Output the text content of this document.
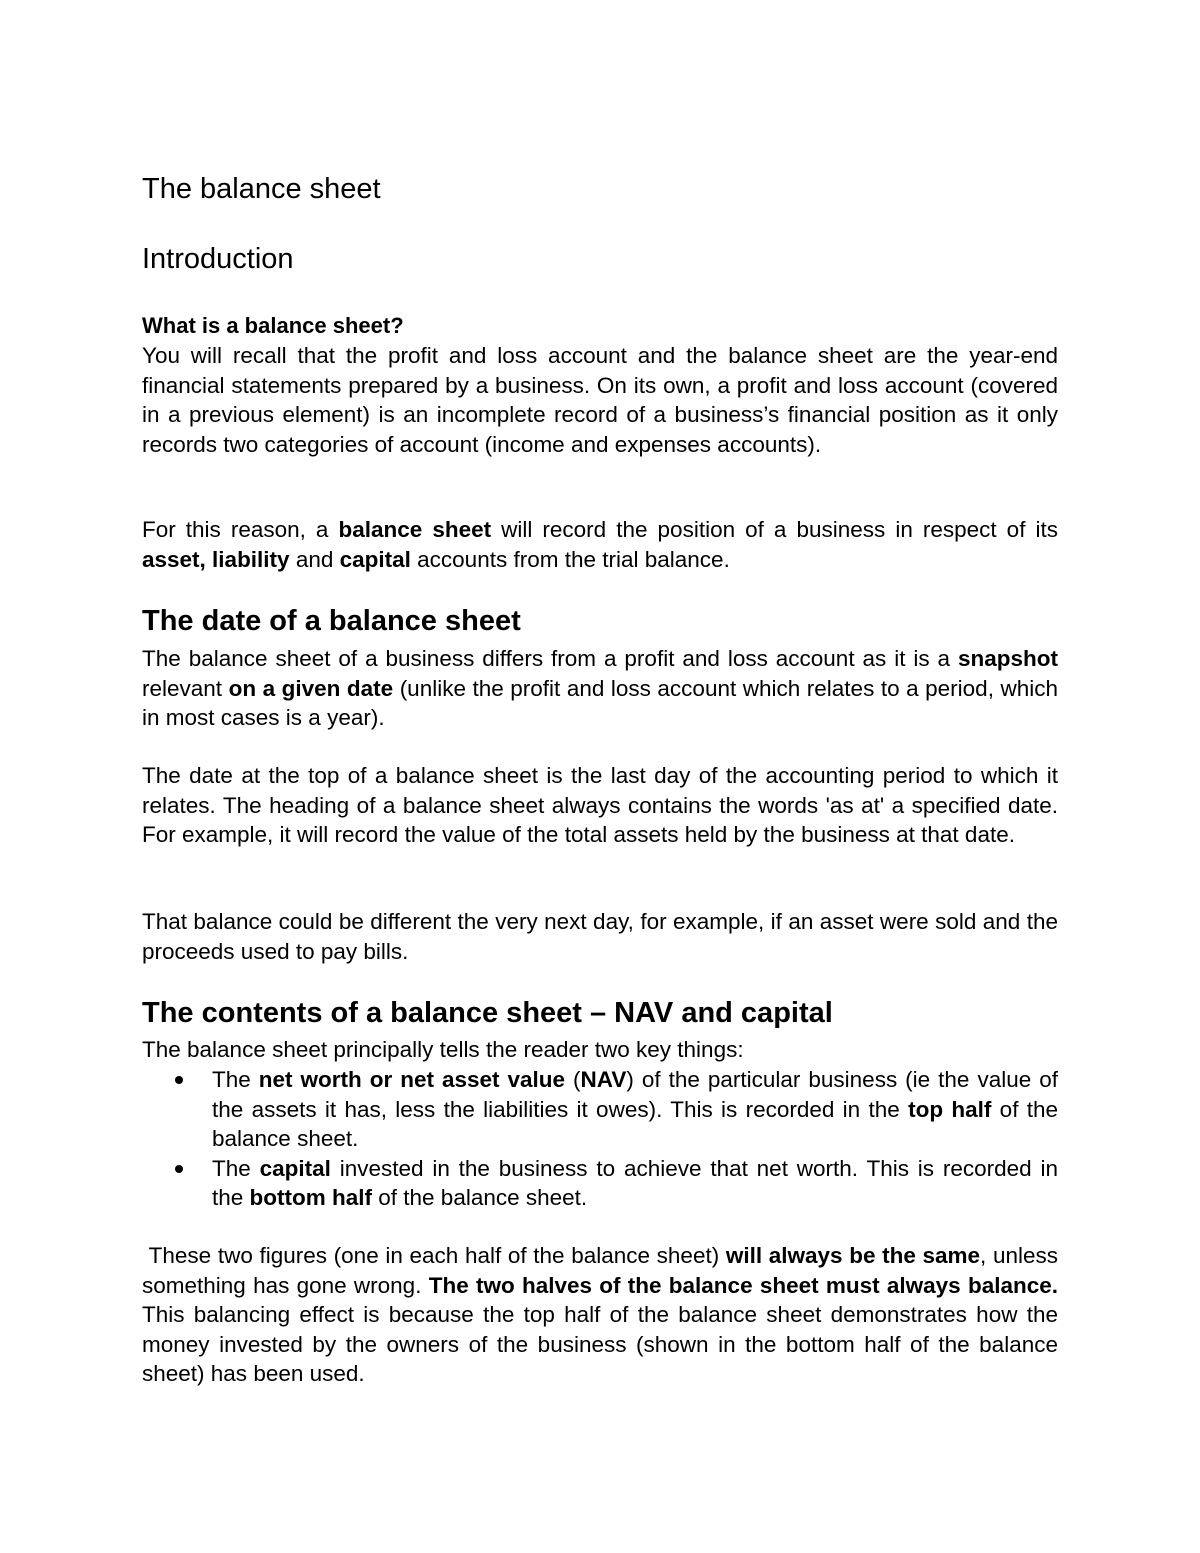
The balance sheet
Introduction
What is a balance sheet?

You will recall that the profit and loss account and the balance sheet are the year-end financial statements prepared by a business. On its own, a profit and loss account (covered in a previous element) is an incomplete record of a business’s financial position as it only records two categories of account (income and expenses accounts).

For this reason, a balance sheet will record the position of a business in respect of its asset, liability and capital accounts from the trial balance.

The date of a balance sheet

The balance sheet of a business differs from a profit and loss account as it is a snapshot relevant on a given date (unlike the profit and loss account which relates to a period, which in most cases is a year).

The date at the top of a balance sheet is the last day of the accounting period to which it relates. The heading of a balance sheet always contains the words 'as at' a specified date. For example, it will record the value of the total assets held by the business at that date.

That balance could be different the very next day, for example, if an asset were sold and the proceeds used to pay bills.

The contents of a balance sheet – NAV and capital

The balance sheet principally tells the reader two key things:

The net worth or net asset value (NAV) of the particular business (ie the value of the assets it has, less the liabilities it owes). This is recorded in the top half of the balance sheet.
The capital invested in the business to achieve that net worth. This is recorded in the bottom half of the balance sheet.

These two figures (one in each half of the balance sheet) will always be the same, unless something has gone wrong. The two halves of the balance sheet must always balance. This balancing effect is because the top half of the balance sheet demonstrates how the money invested by the owners of the business (shown in the bottom half of the balance sheet) has been used.
